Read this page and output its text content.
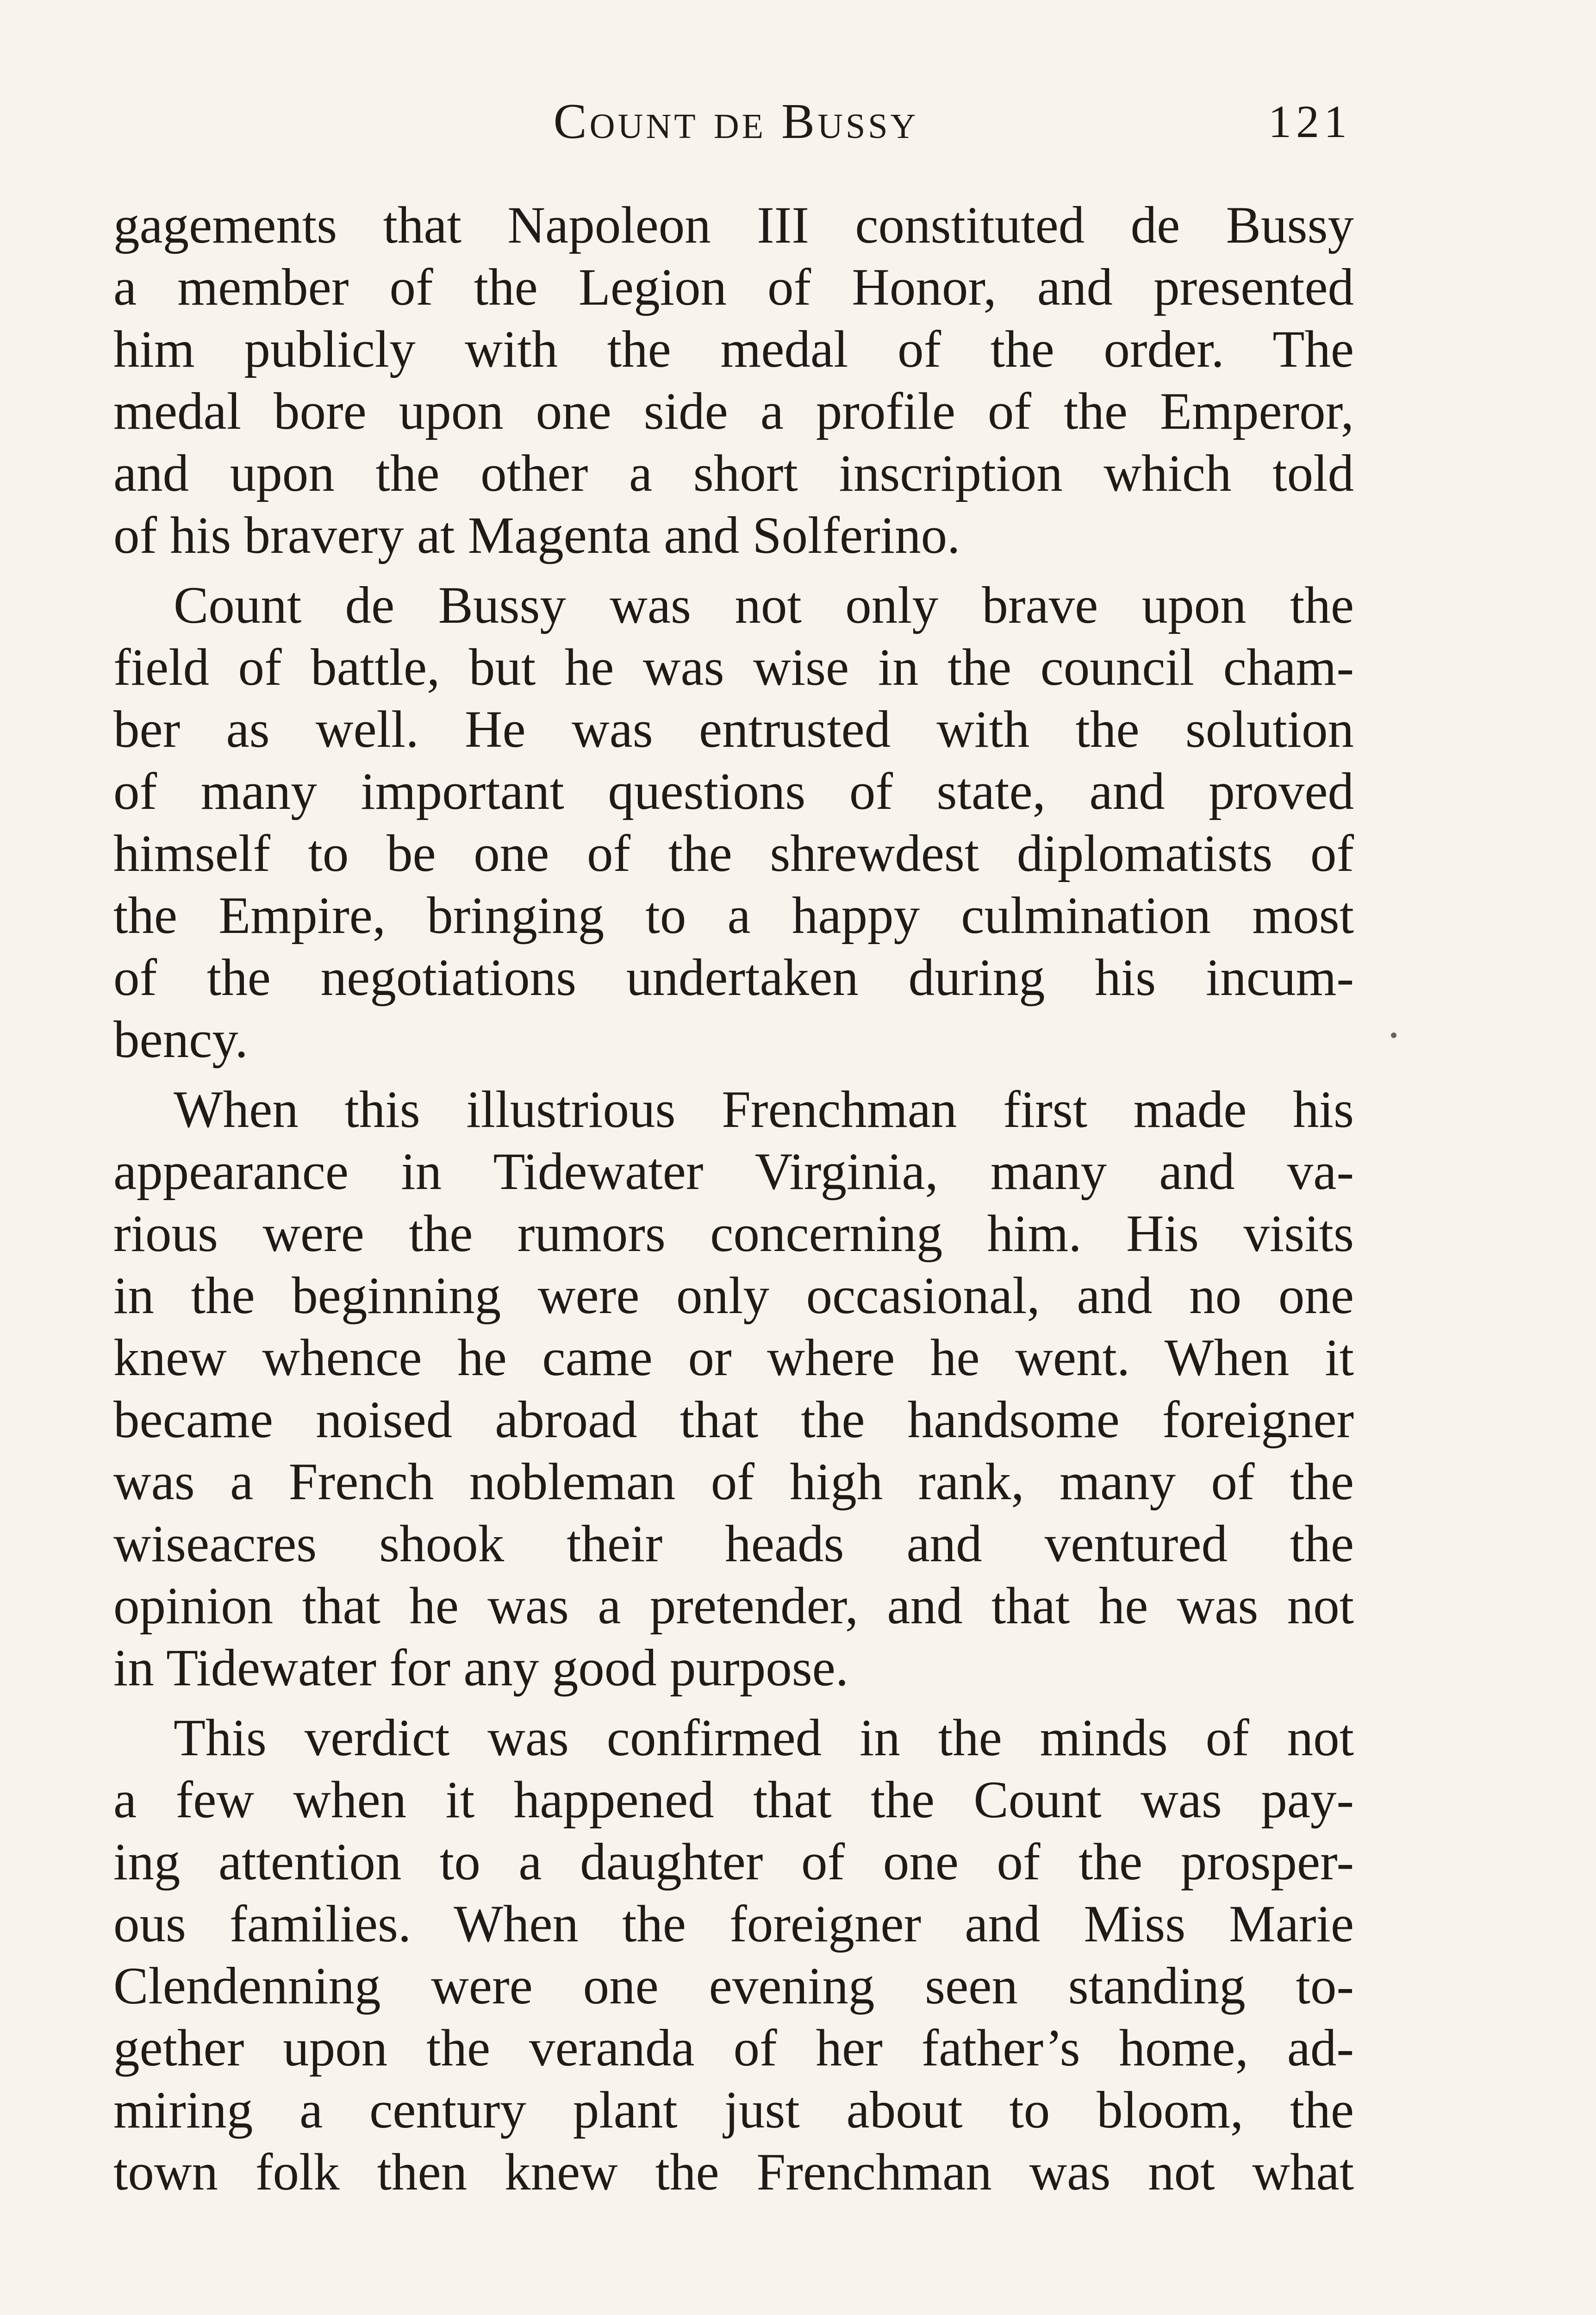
Count de Bussy	121
gagements that Napoleon III constituted de Bussy
a member of the Legion of Honor, and presented
him publicly with the medal of the order. The
medal bore upon one side a profile of the Emperor,
and upon the other a short inscription which told
of his bravery at Magenta and Solferino.
Count de Bussy was not only brave upon the
field of battle, but he was wise in the council cham-
ber as well. He was entrusted with the solution
of many important questions of state, and proved
himself to be one of the shrewdest diplomatists of
the Empire, bringing to a happy culmination most
of the negotiations undertaken during his incum-
bency.
When this illustrious Frenchman first made his
appearance in Tidewater Virginia, many and va-
rious were the rumors concerning him. His visits
in the beginning were only occasional, and no one
knew whence he came or where he went. When it
became noised abroad that the handsome foreigner
was a French nobleman of high rank, many of the
wiseacres shook their heads and ventured the
opinion that he was a pretender, and that he was not
in Tidewater for any good purpose.
This verdict was confirmed in the minds of not
a few when it happened that the Count was pay-
ing attention to a daughter of one of the prosper-
ous families. When the foreigner and Miss Marie
Clendenning were one evening seen standing to-
gether upon the veranda of her father’s home, ad-
miring a century plant just about to bloom, the
town folk then knew the Frenchman was not what
